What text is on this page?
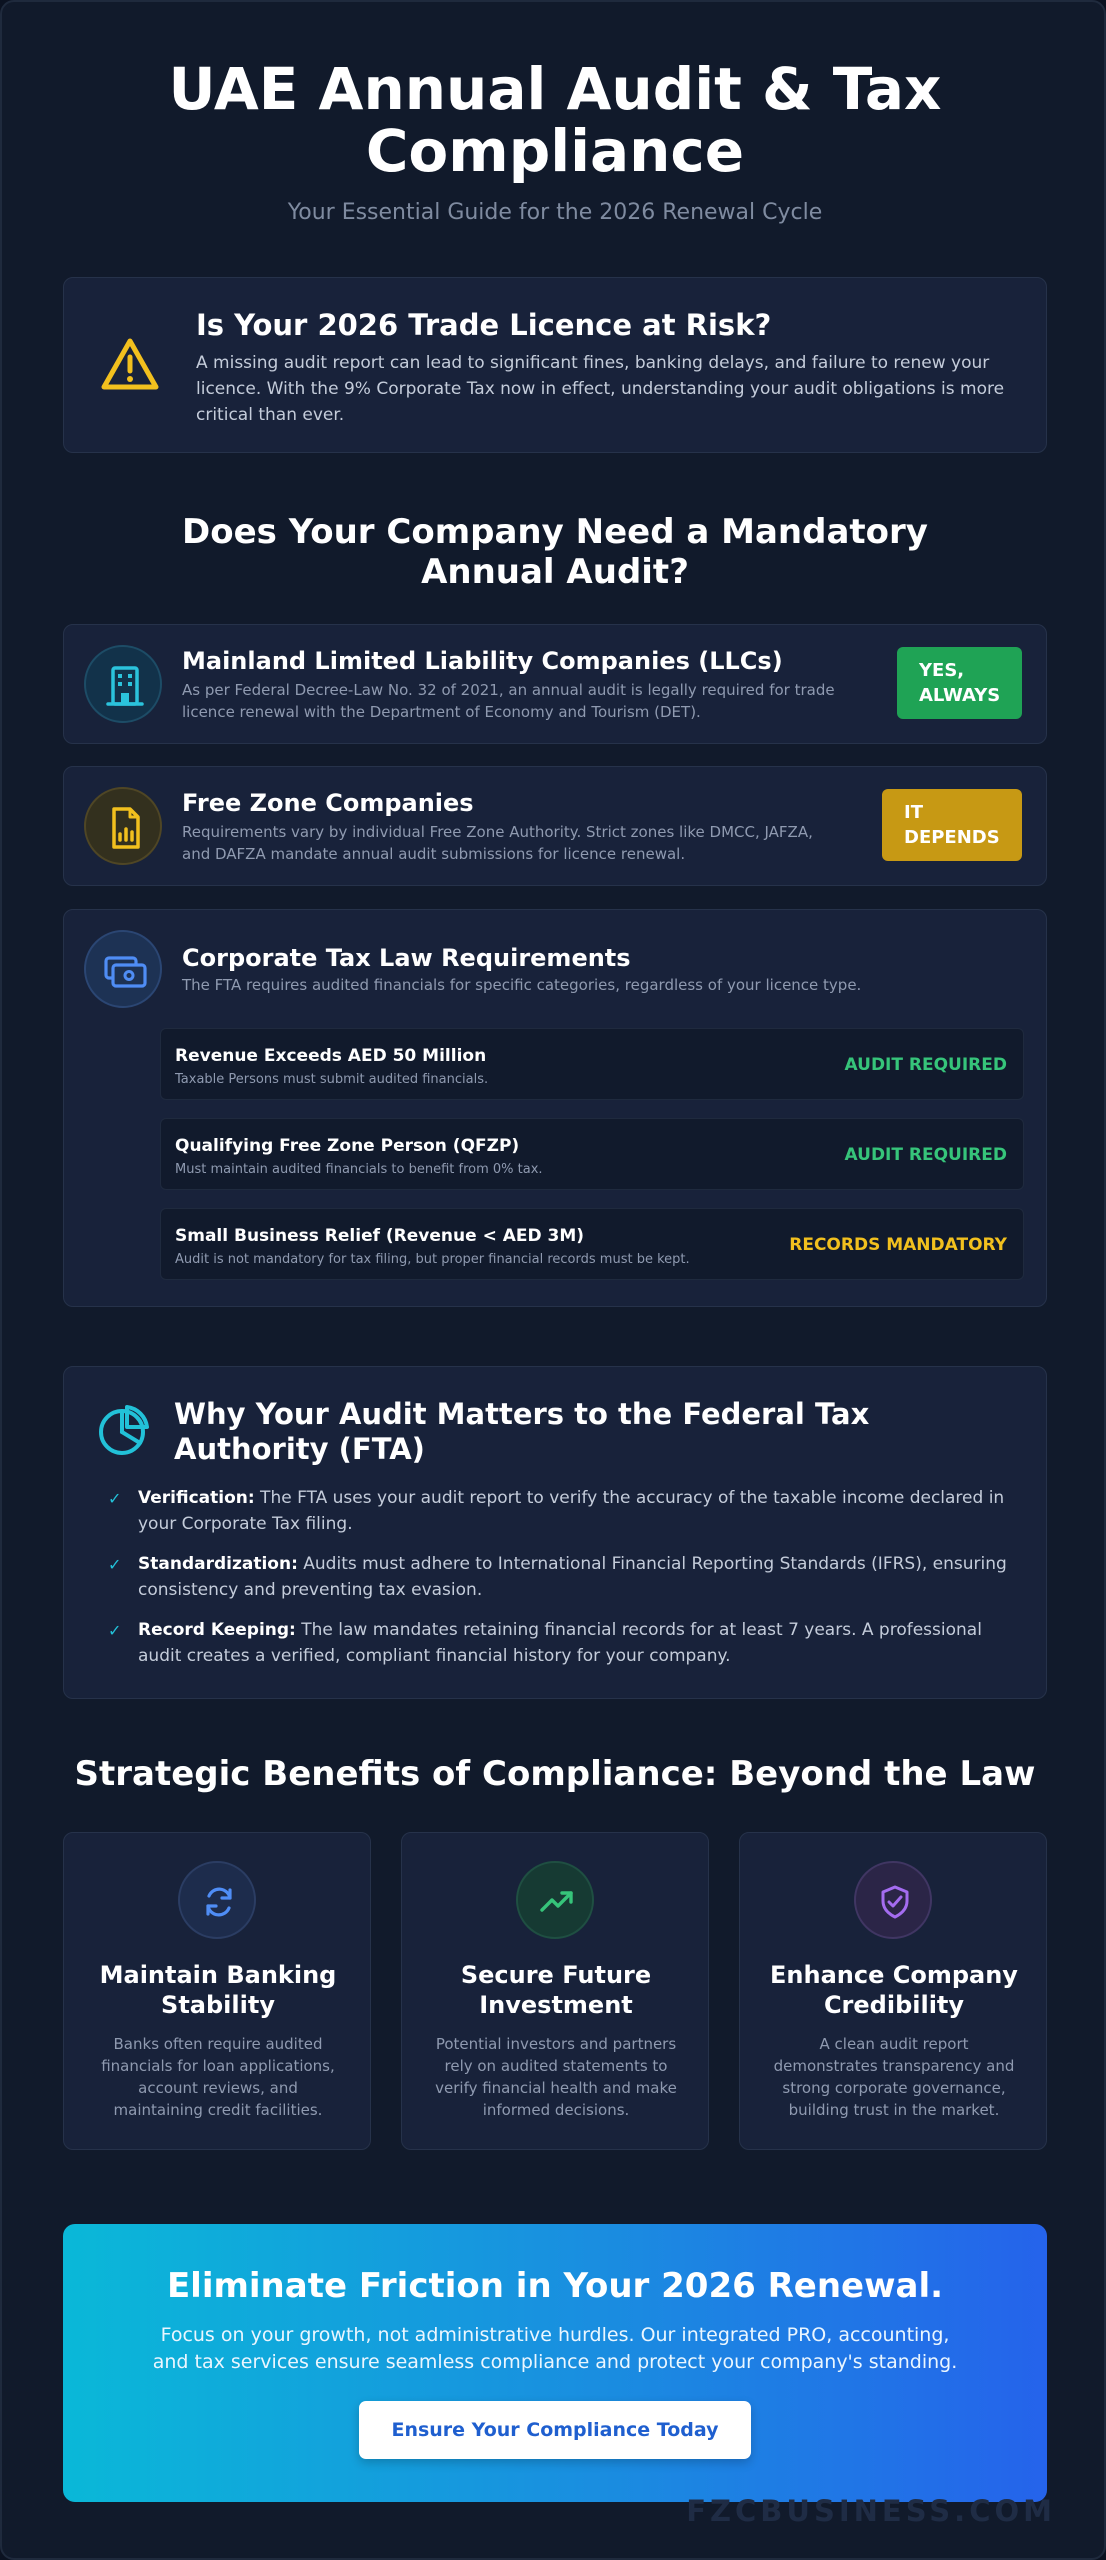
UAE Annual Audit & Tax Compliance
Your Essential Guide for the 2026 Renewal Cycle
Is Your 2026 Trade Licence at Risk?

A missing audit report can lead to significant fines, banking delays, and failure to renew your licence. With the 9% Corporate Tax now in effect, understanding your audit obligations is more critical than ever.

Does Your Company Need a Mandatory Annual Audit?
Mainland Limited Liability Companies (LLCs)

As per Federal Decree-Law No. 32 of 2021, an annual audit is legally required for trade licence renewal with the Department of Economy and Tourism (DET).

YES,
ALWAYS
Free Zone Companies

Requirements vary by individual Free Zone Authority. Strict zones like DMCC, JAFZA, and DAFZA mandate annual audit submissions for licence renewal.

IT
DEPENDS
Corporate Tax Law Requirements
The FTA requires audited financials for specific categories, regardless of your licence type.
Revenue Exceeds AED 50 Million
Taxable Persons must submit audited financials.
AUDIT REQUIRED
Qualifying Free Zone Person (QFZP)
Must maintain audited financials to benefit from 0% tax.
AUDIT REQUIRED
Small Business Relief (Revenue < AED 3M)
Audit is not mandatory for tax filing, but proper financial records must be kept.
RECORDS MANDATORY
Why Your Audit Matters to the Federal Tax Authority (FTA)
✓ Verification: The FTA uses your audit report to verify the accuracy of the taxable income declared in your Corporate Tax filing.
✓ Standardization: Audits must adhere to International Financial Reporting Standards (IFRS), ensuring consistency and preventing tax evasion.
✓ Record Keeping: The law mandates retaining financial records for at least 7 years. A professional audit creates a verified, compliant financial history for your company.
Strategic Benefits of Compliance: Beyond the Law
Maintain Banking Stability

Banks often require audited financials for loan applications, account reviews, and maintaining credit facilities.

Secure Future Investment

Potential investors and partners rely on audited statements to verify financial health and make informed decisions.

Enhance Company Credibility

A clean audit report demonstrates transparency and strong corporate governance, building trust in the market.

Eliminate Friction in Your 2026 Renewal.

Focus on your growth, not administrative hurdles. Our integrated PRO, accounting, and tax services ensure seamless compliance and protect your company's standing.

Ensure Your Compliance Today
FZCBUSINESS.COM
